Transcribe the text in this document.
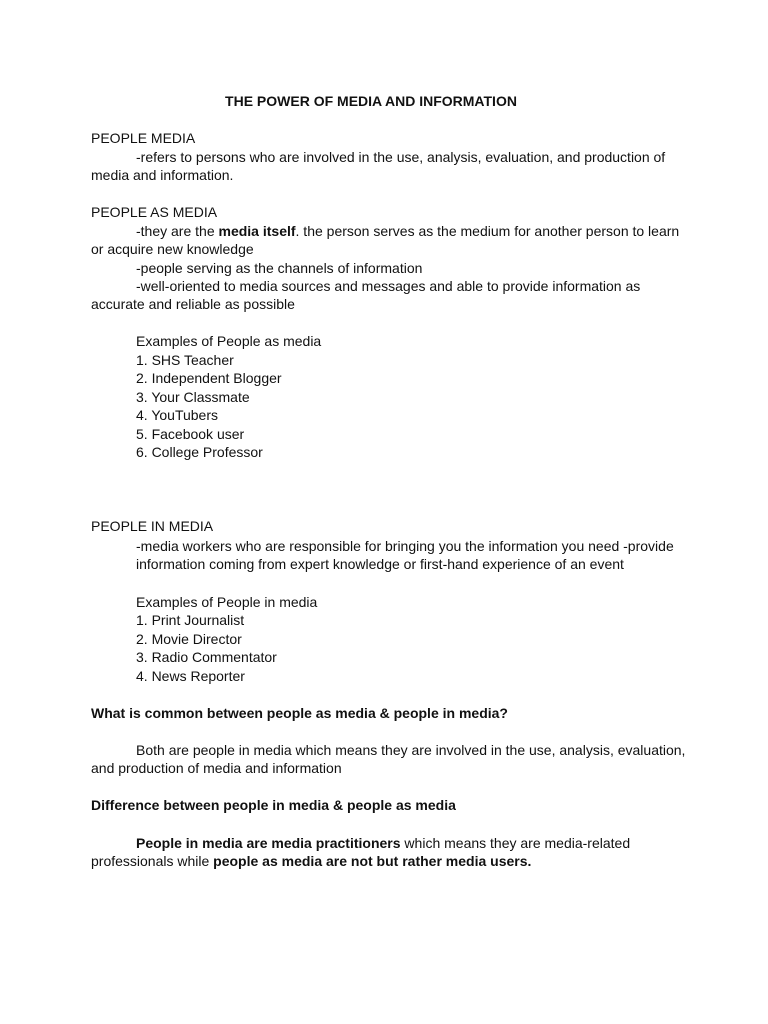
THE POWER OF MEDIA AND INFORMATION

PEOPLE MEDIA

-refers to persons who are involved in the use, analysis, evaluation, and production of

media and information.

PEOPLE AS MEDIA

-they are the media itself. the person serves as the medium for another person to learn

or acquire new knowledge

-people serving as the channels of information

-well-oriented to media sources and messages and able to provide information as

accurate and reliable as possible

Examples of People as media

1. SHS Teacher

2. Independent Blogger

3. Your Classmate

4. YouTubers

5. Facebook user

6. College Professor

PEOPLE IN MEDIA

-media workers who are responsible for bringing you the information you need -provide

information coming from expert knowledge or first-hand experience of an event

Examples of People in media

1. Print Journalist

2. Movie Director

3. Radio Commentator

4. News Reporter

What is common between people as media & people in media?

Both are people in media which means they are involved in the use, analysis, evaluation,

and production of media and information

Difference between people in media & people as media

People in media are media practitioners which means they are media-related

professionals while people as media are not but rather media users.
